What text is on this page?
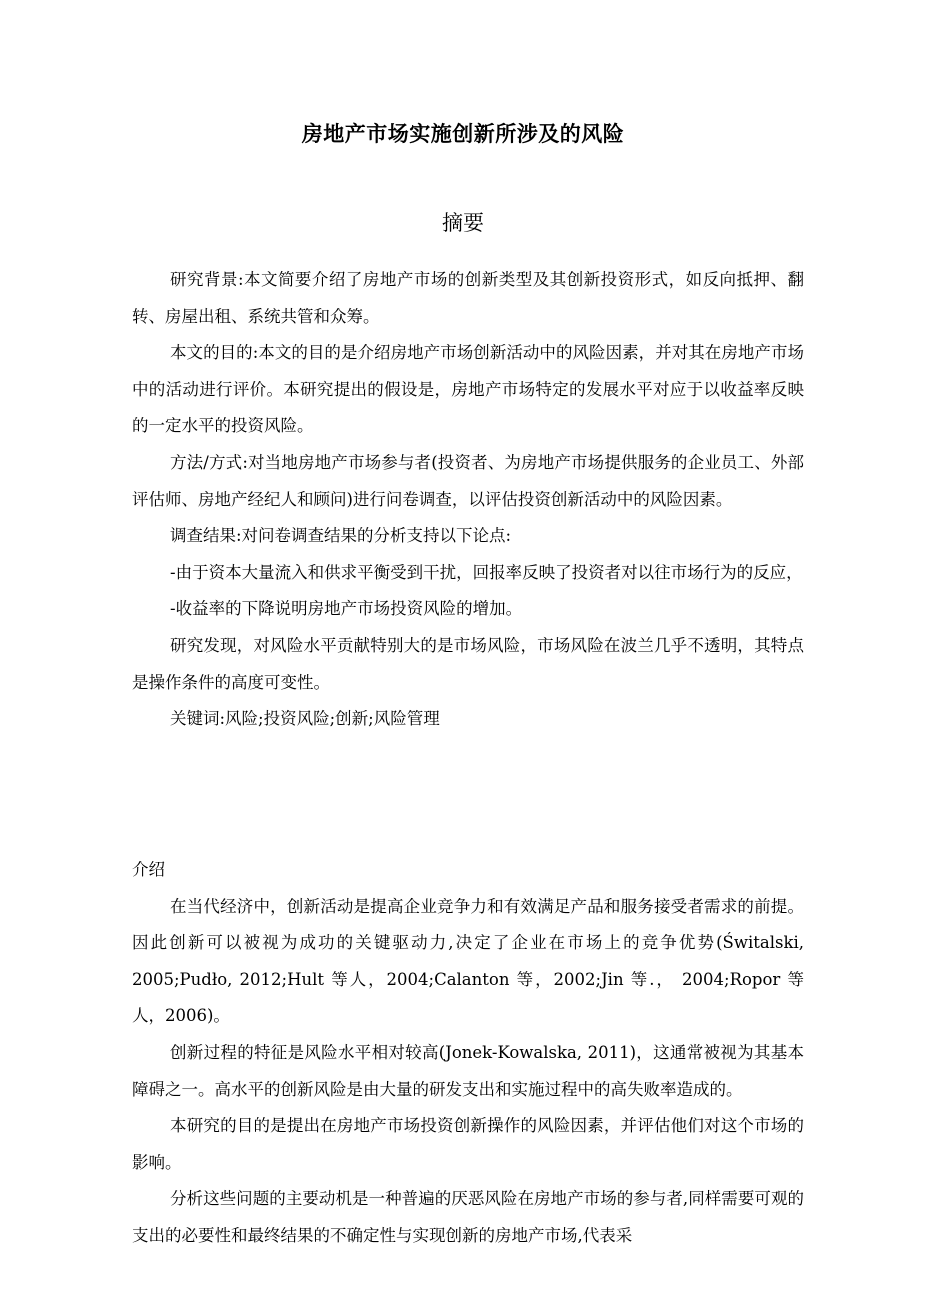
房地产市场实施创新所涉及的风险
摘要

研究背景:本文简要介绍了房地产市场的创新类型及其创新投资形式，如反向抵押、翻转、房屋出租、系统共管和众筹。

本文的目的:本文的目的是介绍房地产市场创新活动中的风险因素，并对其在房地产市场中的活动进行评价。本研究提出的假设是，房地产市场特定的发展水平对应于以收益率反映的一定水平的投资风险。

方法/方式:对当地房地产市场参与者(投资者、为房地产市场提供服务的企业员工、外部评估师、房地产经纪人和顾问)进行问卷调查，以评估投资创新活动中的风险因素。

调查结果:对问卷调查结果的分析支持以下论点:

-由于资本大量流入和供求平衡受到干扰，回报率反映了投资者对以往市场行为的反应，

-收益率的下降说明房地产市场投资风险的增加。

研究发现，对风险水平贡献特别大的是市场风险，市场风险在波兰几乎不透明，其特点是操作条件的高度可变性。

关键词:风险;投资风险;创新;风险管理

介绍

在当代经济中，创新活动是提高企业竞争力和有效满足产品和服务接受者需求的前提。因此创新可以被视为成功的关键驱动力,决定了企业在市场上的竞争优势(Świtalski, 2005;Pudło, 2012;Hult 等人，2004;Calanton 等，2002;Jin 等.， 2004;Ropor 等人，2006)。

创新过程的特征是风险水平相对较高(Jonek-Kowalska, 2011)，这通常被视为其基本障碍之一。高水平的创新风险是由大量的研发支出和实施过程中的高失败率造成的。

本研究的目的是提出在房地产市场投资创新操作的风险因素，并评估他们对这个市场的影响。

分析这些问题的主要动机是一种普遍的厌恶风险在房地产市场的参与者,同样需要可观的支出的必要性和最终结果的不确定性与实现创新的房地产市场,代表采
